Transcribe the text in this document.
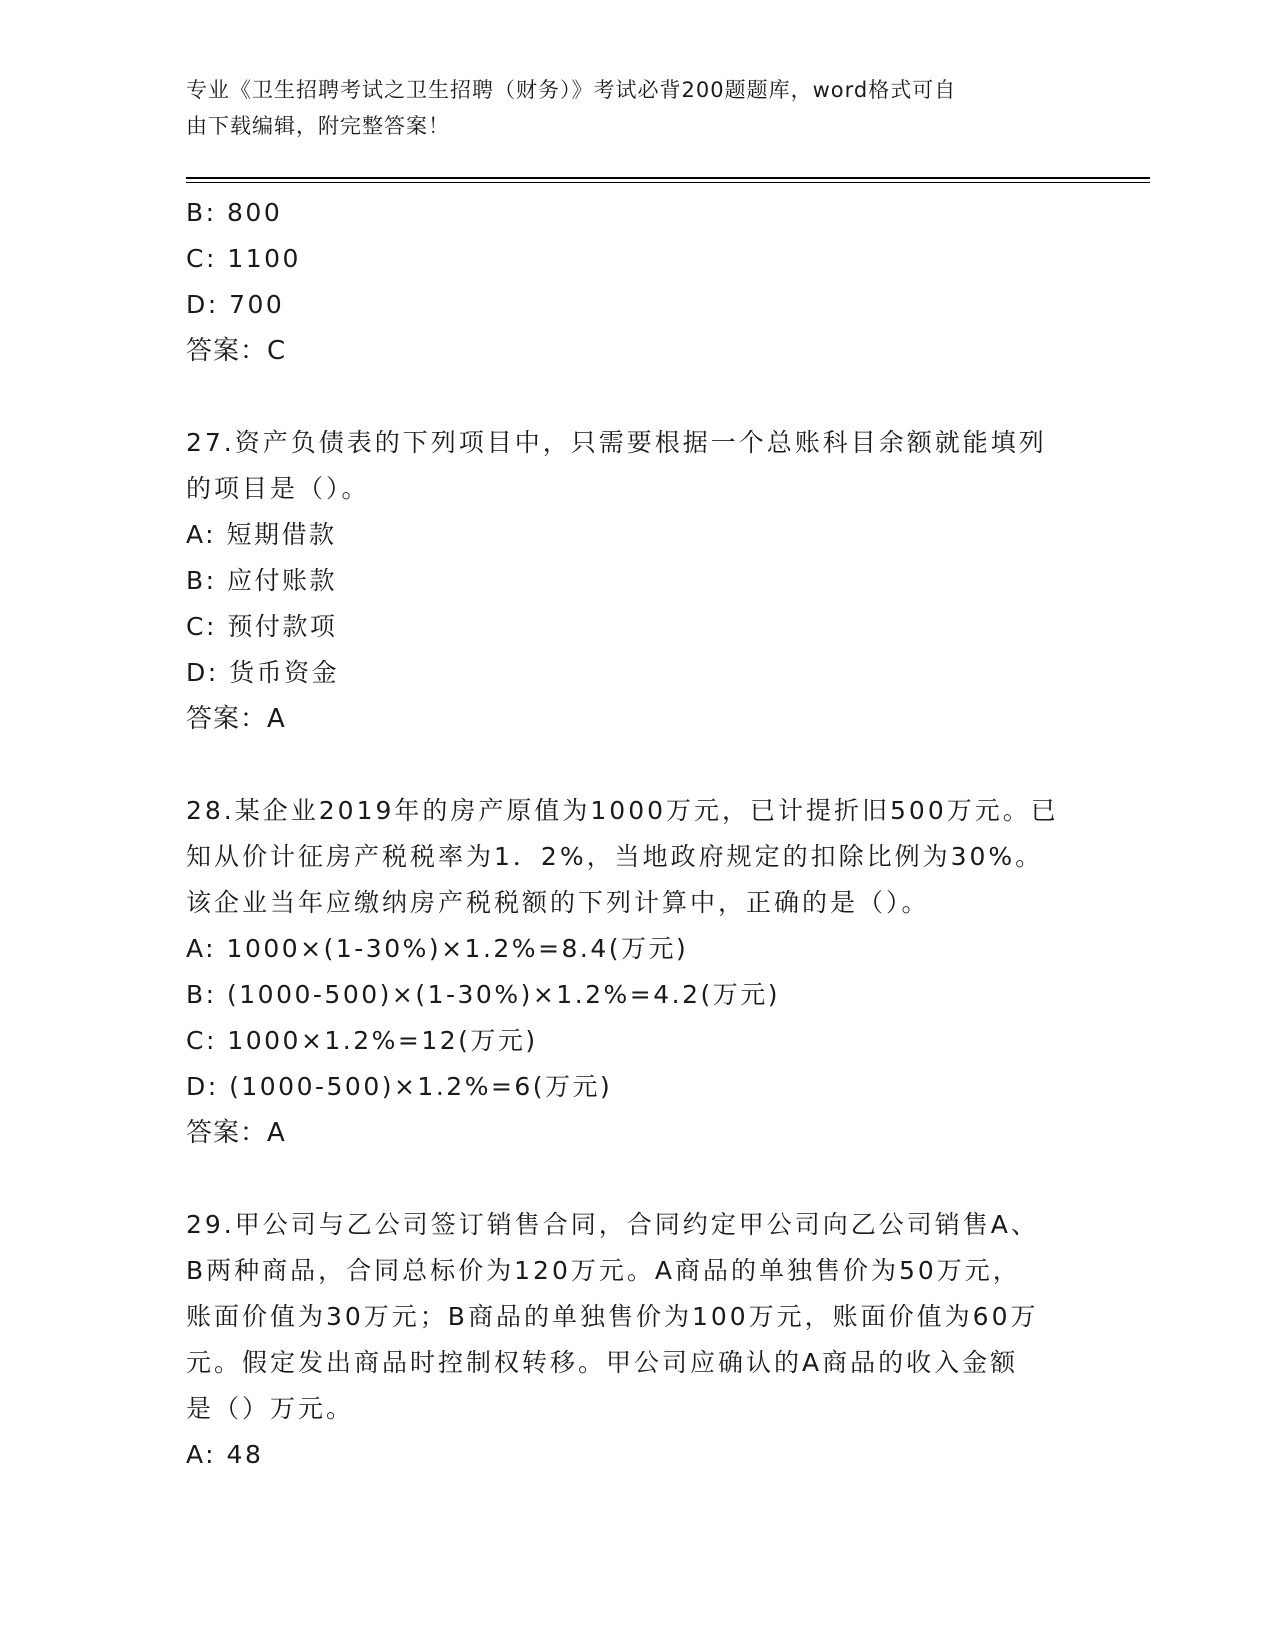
专业《卫生招聘考试之卫生招聘（财务）》考试必背200题题库，word格式可自
由下载编辑，附完整答案！
B: 800
C: 1100
D: 700
答案：C
27.资产负债表的下列项目中，只需要根据一个总账科目余额就能填列
的项目是（）。
A: 短期借款
B: 应付账款
C: 预付款项
D: 货币资金
答案：A
28.某企业2019年的房产原值为1000万元，已计提折旧500万元。已
知从价计征房产税税率为1．2%，当地政府规定的扣除比例为30%。
该企业当年应缴纳房产税税额的下列计算中，正确的是（）。
A: 1000×(1-30%)×1.2%=8.4(万元)
B: (1000-500)×(1-30%)×1.2%=4.2(万元)
C: 1000×1.2%=12(万元)
D: (1000-500)×1.2%=6(万元)
答案：A
29.甲公司与乙公司签订销售合同，合同约定甲公司向乙公司销售A、
B两种商品，合同总标价为120万元。A商品的单独售价为50万元，
账面价值为30万元；B商品的单独售价为100万元，账面价值为60万
元。假定发出商品时控制权转移。甲公司应确认的A商品的收入金额
是（）万元。
A: 48
